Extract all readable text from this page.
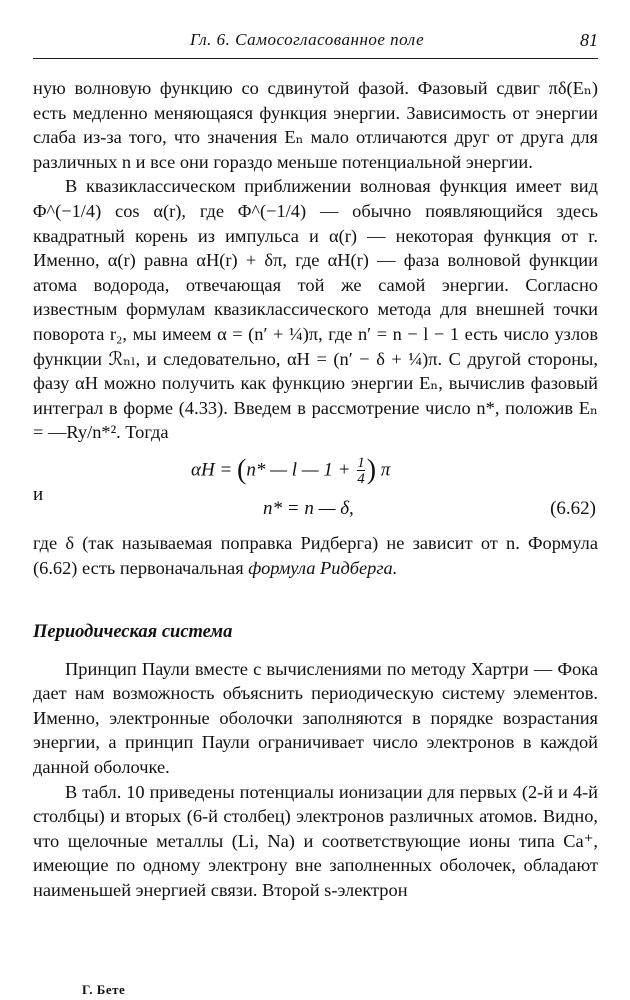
Гл. 6. Самосогласованное поле	81

ную волновую функцию со сдвинутой фазой. Фазовый сдвиг πδ(Eₙ) есть медленно меняющаяся функция энергии. Зависимость от энергии слаба из-за того, что значения Eₙ мало отличаются друг от друга для различных n и все они гораздо меньше потенциальной энергии.

В квазиклассическом приближении волновая функция имеет вид Φ^(−1/4) cos α(r), где Φ^(−1/4) — обычно появляющийся здесь квадратный корень из импульса и α(r) — некоторая функция от r. Именно, α(r) равна αH(r) + δπ, где αH(r) — фаза волновой функции атома водорода, отвечающая той же самой энергии. Согласно известным формулам квазиклассического метода для внешней точки поворота r₂, мы имеем α = (n′ + ¼)π, где n′ = n − l − 1 есть число узлов функции ℛₙₗ, и следовательно, αH = (n′ − δ + ¼)π. С другой стороны, фазу αH можно получить как функцию энергии Eₙ, вычислив фазовый интеграл в форме (4.33). Введем в рассмотрение число n*, положив Eₙ = —Ry/n*². Тогда

αH = (n* — l — $1 + \frac{1}{4}$) π
и
n* = n — δ,	(6.62)

где δ (так называемая поправка Ридберга) не зависит от n. Формула (6.62) есть первоначальная формула Ридберга.

Периодическая система

Принцип Паули вместе с вычислениями по методу Хартри — Фока дает нам возможность объяснить периодическую систему элементов. Именно, электронные оболочки заполняются в порядке возрастания энергии, а принцип Паули ограничивает число электронов в каждой данной оболочке.

В табл. 10 приведены потенциалы ионизации для первых (2-й и 4-й столбцы) и вторых (6-й столбец) электронов различных атомов. Видно, что щелочные металлы (Li, Na) и соответствующие ионы типа Ca⁺, имеющие по одному электрону вне заполненных оболочек, обладают наименьшей энергией связи. Второй s-электрон

Г. Бете
